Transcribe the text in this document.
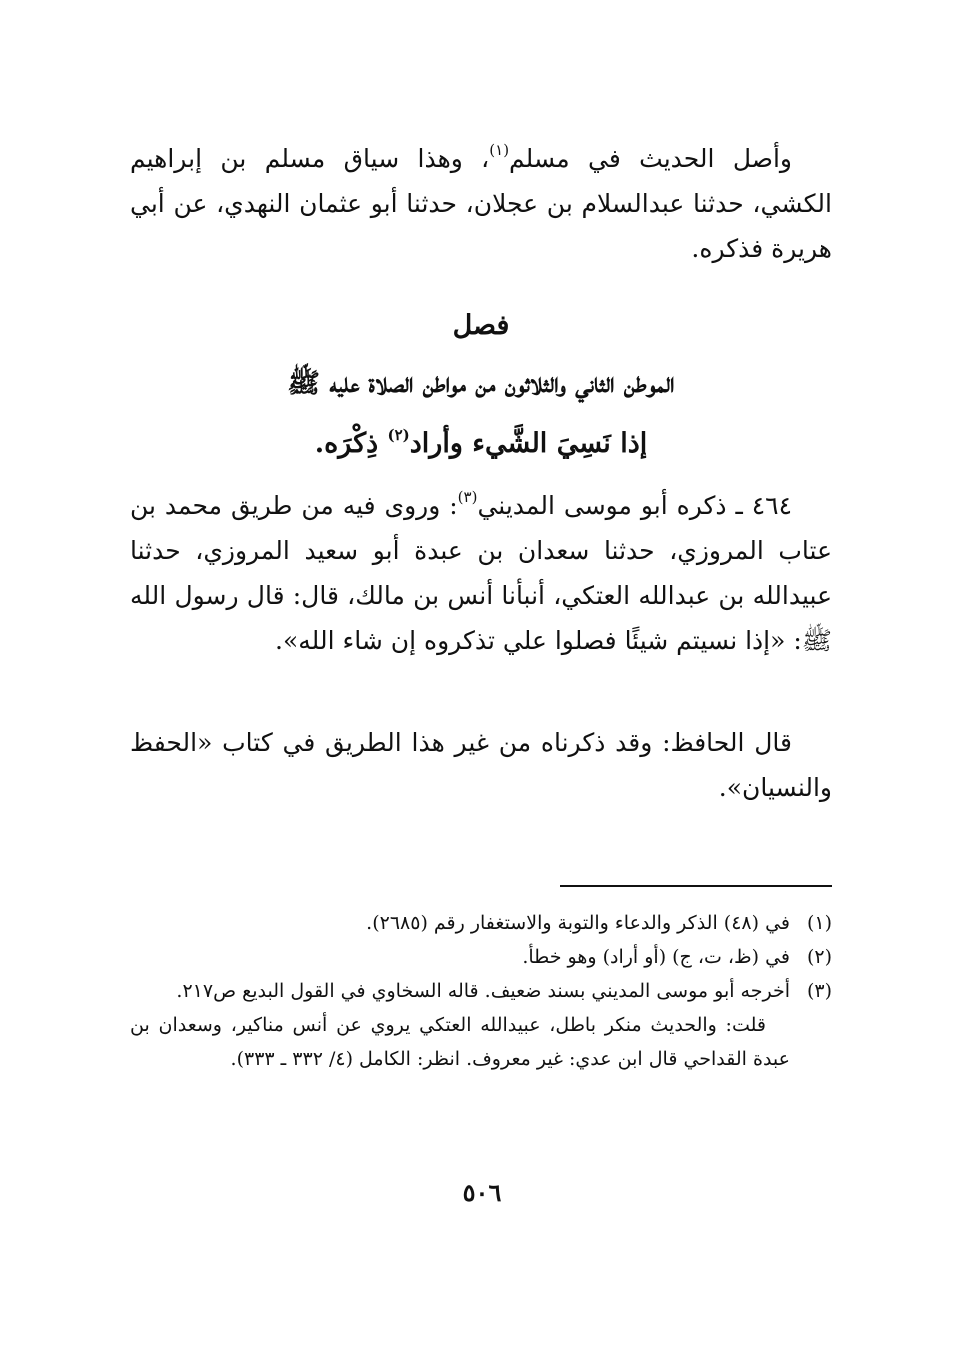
وأصل الحديث في مسلم$^{(١)}$، وهذا سياق مسلم بن إبراهيم الكشي، حدثنا عبدالسلام بن عجلان، حدثنا أبو عثمان النهدي، عن أبي هريرة فذكره.

فصل
الموطن الثاني والثلاثون من مواطن الصلاة عليه ﷺ
إذا نَسِيَ الشَّيء وأراد$^{(٢)}$ ذِكْرَه.

٤٦٤ ـ ذكره أبو موسى المديني$^{(٣)}$: وروى فيه من طريق محمد بن عتاب المروزي، حدثنا سعدان بن عبدة أبو سعيد المروزي، حدثنا عبيدالله بن عبدالله العتكي، أنبأنا أنس بن مالك، قال: قال رسول الله ﷺ: «إذا نسيتم شيئًا فصلوا علي تذكروه إن شاء الله».

قال الحافظ: وقد ذكرناه من غير هذا الطريق في كتاب «الحفظ والنسيان».

(١)
في (٤٨) الذكر والدعاء والتوبة والاستغفار رقم (٢٦٨٥).
(٢)
في (ظ، ت، ج) (أو أراد) وهو خطأ.
(٣)
أخرجه أبو موسى المديني بسند ضعيف. قاله السخاوي في القول البديع ص٢١٧.
قلت: والحديث منكر باطل، عبيدالله العتكي يروي عن أنس مناكير، وسعدان بن عبدة القداحي قال ابن عدي: غير معروف. انظر: الكامل (٤/ ٣٣٢ ـ ٣٣٣).
٥٠٦
